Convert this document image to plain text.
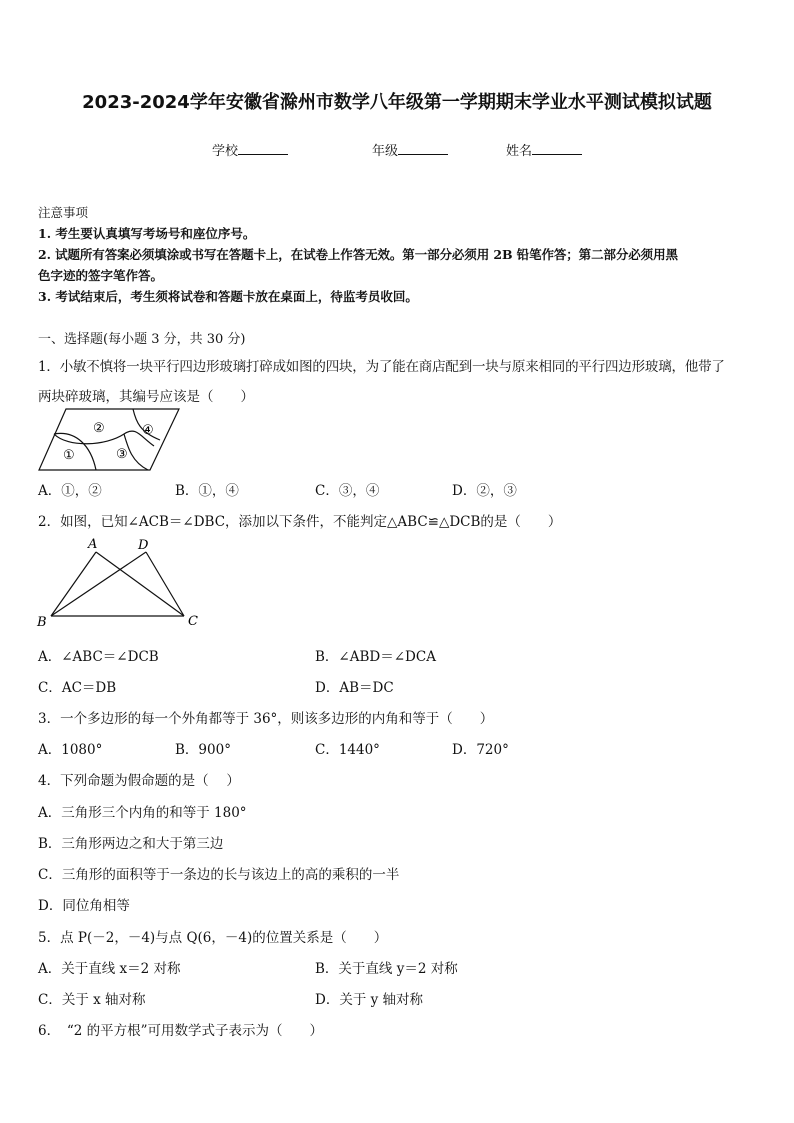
2023-2024学年安徽省滁州市数学八年级第一学期期末学业水平测试模拟试题
学校	年级	姓名
注意事项
1. 考生要认真填写考场号和座位序号。
2. 试题所有答案必须填涂或书写在答题卡上，在试卷上作答无效。第一部分必须用 2B 铅笔作答；第二部分必须用黑
色字迹的签字笔作答。
3. 考试结束后，考生须将试卷和答题卡放在桌面上，待监考员收回。
一、选择题(每小题 3 分，共 30 分)
1．小敏不慎将一块平行四边形玻璃打碎成如图的四块，为了能在商店配到一块与原来相同的平行四边形玻璃，他带了
两块碎玻璃，其编号应该是（　　）
①
②
③
④
A．①，②	B．①，④	C．③，④	D．②，③
2．如图，已知∠ACB＝∠DBC，添加以下条件，不能判定△ABC≌△DCB的是（　　）
A	D
B	C
A．∠ABC＝∠DCB	B．∠ABD＝∠DCA
C．AC＝DB	D．AB＝DC
3．一个多边形的每一个外角都等于 36°，则该多边形的内角和等于（　　）
A．1080°	B．900°	C．1440°	D．720°
4．下列命题为假命题的是（　 ）
A．三角形三个内角的和等于 180°
B．三角形两边之和大于第三边
C．三角形的面积等于一条边的长与该边上的高的乘积的一半
D．同位角相等
5．点 P(－2，－4)与点 Q(6，－4)的位置关系是（　　）
A．关于直线 x＝2 对称	B．关于直线 y＝2 对称
C．关于 x 轴对称	D．关于 y 轴对称
6．　“2 的平方根”可用数学式子表示为（　　）
